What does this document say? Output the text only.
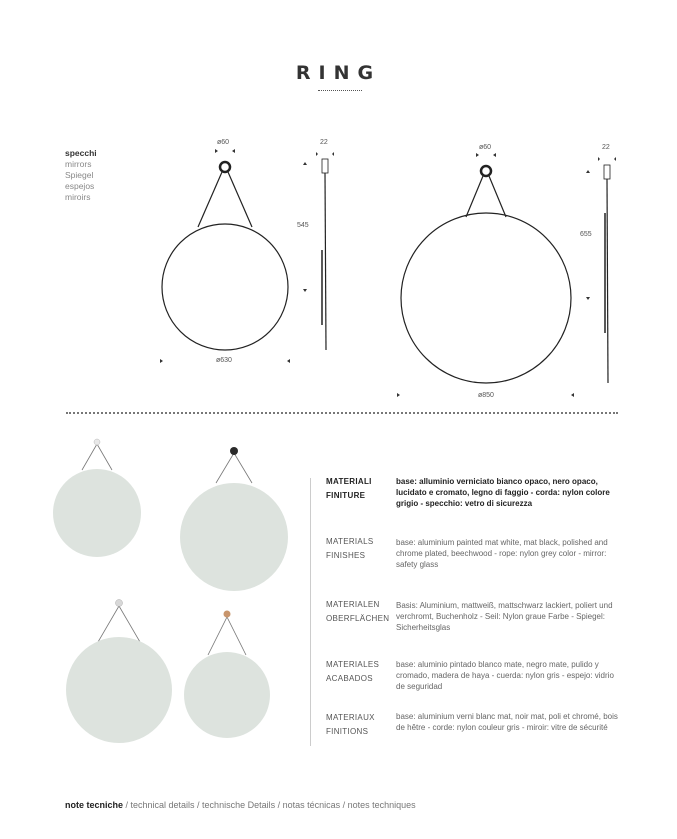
RING
specchi
mirrors
Spiegel
espejos
miroirs
ø60	22
545
ø630
ø60	22
655
ø850
MATERIALI
FINITURE
base: alluminio verniciato bianco opaco, nero opaco, lucidato e cromato, legno di faggio - corda: nylon colore grigio - specchio: vetro di sicurezza
MATERIALS
FINISHES
base: aluminium painted mat white, mat black, polished and chrome plated, beechwood - rope: nylon grey color - mirror: safety glass
MATERIALEN
OBERFLÄCHEN
Basis: Aluminium, mattweiß, mattschwarz lackiert, poliert und verchromt, Buchenholz - Seil: Nylon graue Farbe - Spiegel: Sicherheitsglas
MATERIALES
ACABADOS
base: aluminio pintado blanco mate, negro mate, pulido y cromado, madera de haya - cuerda: nylon gris - espejo: vidrio de seguridad
MATERIAUX
FINITIONS
base: aluminium verni blanc mat, noir mat, poli et chromé, bois de hêtre - corde: nylon couleur gris - miroir: vitre de sécurité
note tecniche / technical details / technische Details / notas técnicas / notes techniques
